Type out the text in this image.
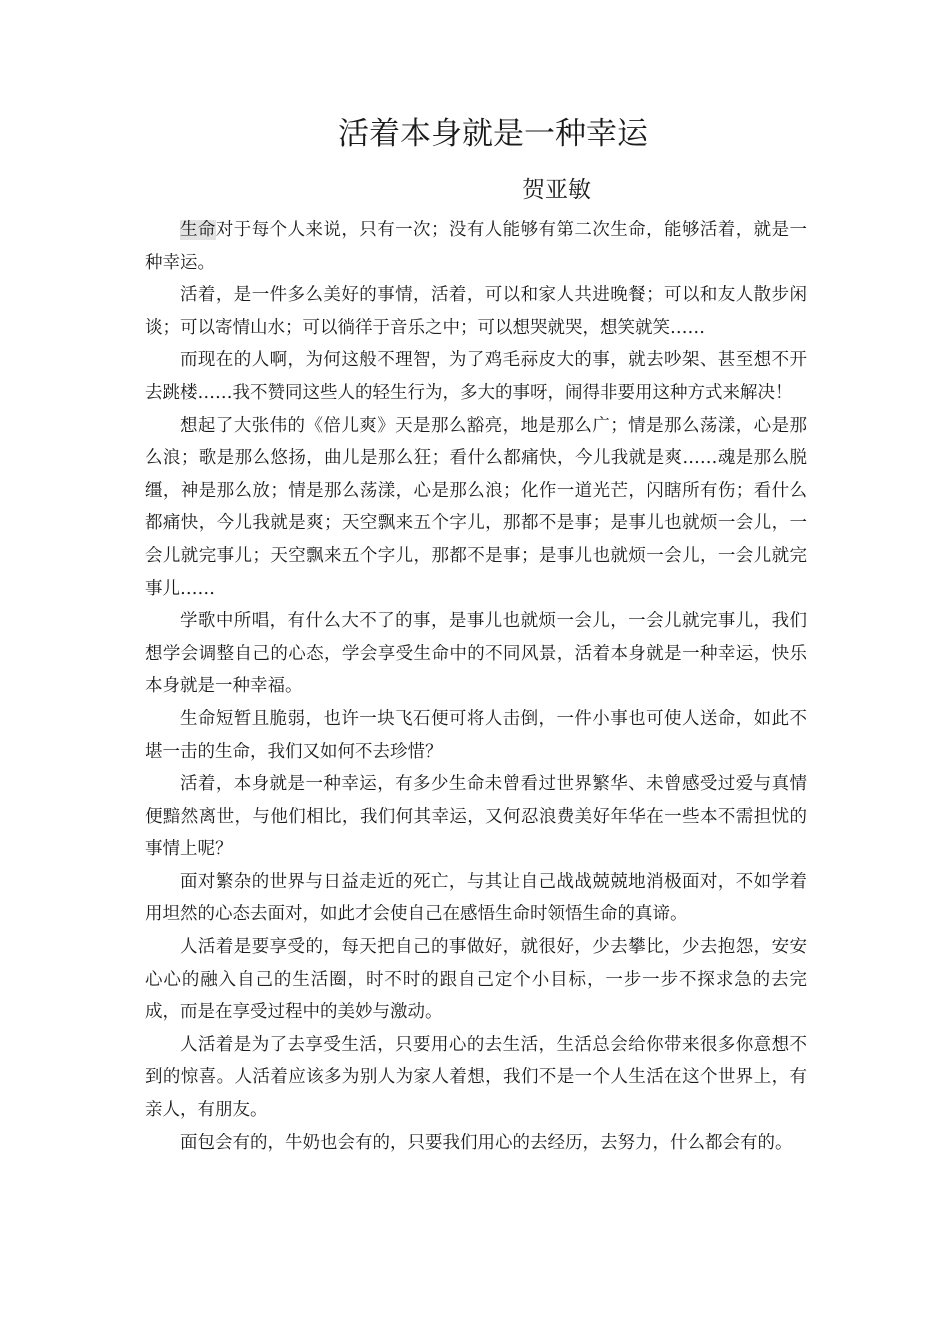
活着本身就是一种幸运
贺亚敏

生命对于每个人来说，只有一次；没有人能够有第二次生命，能够活着，就是一种幸运。

活着，是一件多么美好的事情，活着，可以和家人共进晚餐；可以和友人散步闲谈；可以寄情山水；可以徜徉于音乐之中；可以想哭就哭，想笑就笑……

而现在的人啊，为何这般不理智，为了鸡毛祘皮大的事，就去吵架、甚至想不开去跳楼……我不赞同这些人的轻生行为，多大的事呀，闹得非要用这种方式来解决！

想起了大张伟的《倍儿爽》天是那么豁亮，地是那么广；情是那么荡漾，心是那么浪；歌是那么悠扬，曲儿是那么狂；看什么都痛快，今儿我就是爽……魂是那么脱缰，神是那么放；情是那么荡漾，心是那么浪；化作一道光芒，闪瞎所有伤；看什么都痛快，今儿我就是爽；天空飘来五个字儿，那都不是事；是事儿也就烦一会儿，一会儿就完事儿；天空飘来五个字儿，那都不是事；是事儿也就烦一会儿，一会儿就完事儿……

学歌中所唱，有什么大不了的事，是事儿也就烦一会儿，一会儿就完事儿，我们想学会调整自己的心态，学会享受生命中的不同风景，活着本身就是一种幸运，快乐本身就是一种幸福。

生命短暂且脆弱，也许一块飞石便可将人击倒，一件小事也可使人送命，如此不堪一击的生命，我们又如何不去珍惜？

活着，本身就是一种幸运，有多少生命未曾看过世界繁华、未曾感受过爱与真情便黯然离世，与他们相比，我们何其幸运，又何忍浪费美好年华在一些本不需担忧的事情上呢？

面对繁杂的世界与日益走近的死亡，与其让自己战战兢兢地消极面对，不如学着用坦然的心态去面对，如此才会使自己在感悟生命时领悟生命的真谛。

人活着是要享受的，每天把自己的事做好，就很好，少去攀比，少去抱怨，安安心心的融入自己的生活圈，时不时的跟自己定个小目标，一步一步不探求急的去完成，而是在享受过程中的美妙与激动。

人活着是为了去享受生活，只要用心的去生活，生活总会给你带来很多你意想不到的惊喜。人活着应该多为别人为家人着想，我们不是一个人生活在这个世界上，有亲人，有朋友。

面包会有的，牛奶也会有的，只要我们用心的去经历，去努力，什么都会有的。
